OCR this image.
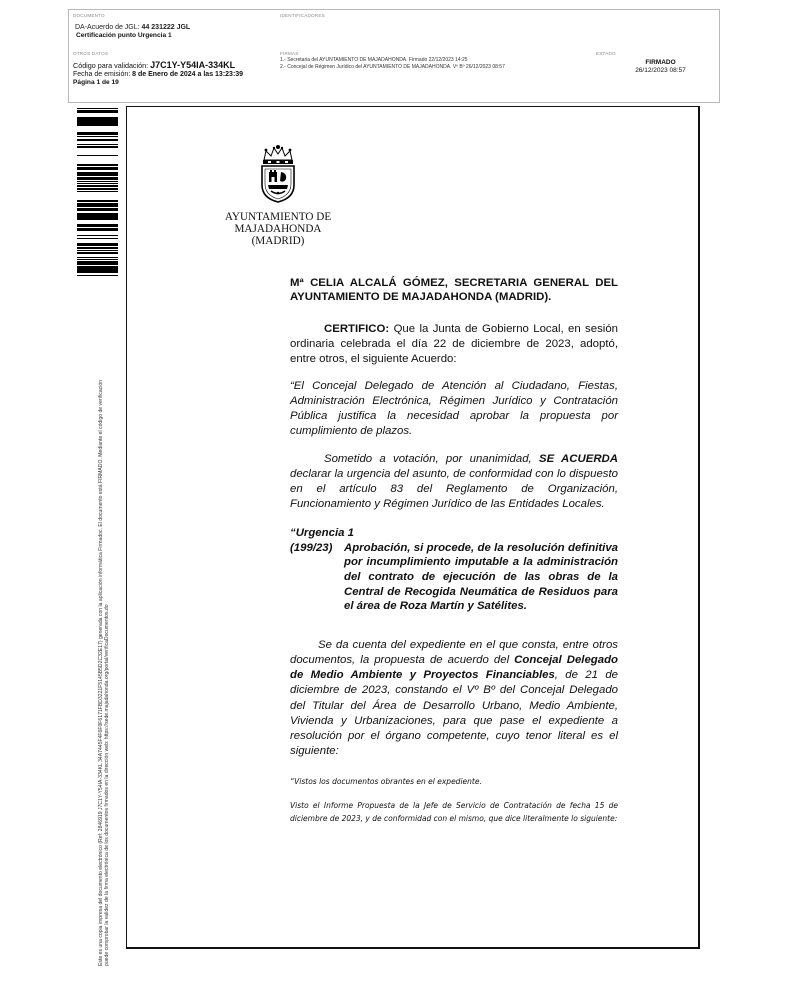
DOCUMENTO
DA-Acuerdo de JGL: 44 231222 JGL
Certificación punto Urgencia 1
IDENTIFICADORES
OTROS DATOS
Código para validación: J7C1Y-Y54IA-334KL
Fecha de emisión: 8 de Enero de 2024 a las 13:23:39
Página 1 de 19
FIRMAS
1.- Secretaria del AYUNTAMIENTO DE MAJADAHONDA. Firmado 22/12/2023 14:25
2.- Concejal de Régimen Jurídico del AYUNTAMIENTO DE MAJADAHONDA. Vº Bº 26/12/2023 08:57
ESTADO
FIRMADO
26/12/2023 08:57
Este es una copia impresa del documento electrónico (Ref: 2846919 J7C1Y-Y54IA-334KL 34A7445F4F6F0F6171FBD3221F5145B5D2C32E17) generada con la aplicación informática Firmadoc. El documento está FIRMADO. Mediante el código de verificación puede comprobar la validez de la firma electrónica de los documentos firmados en la dirección web: https://sede.majadahonda.org/portal/verificaDocumentos.do
AYUNTAMIENTO DE
MAJADAHONDA
(MADRID)
Mª CELIA ALCALÁ GÓMEZ, SECRETARIA GENERAL DEL AYUNTAMIENTO DE MAJADAHONDA (MADRID).

CERTIFICO: Que la Junta de Gobierno Local, en sesión ordinaria celebrada el día 22 de diciembre de 2023, adoptó, entre otros, el siguiente Acuerdo:

“El Concejal Delegado de Atención al Ciudadano, Fiestas, Administración Electrónica, Régimen Jurídico y Contratación Pública justifica la necesidad aprobar la propuesta por cumplimiento de plazos.

Sometido a votación, por unanimidad, SE ACUERDA declarar la urgencia del asunto, de conformidad con lo dispuesto en el artículo 83 del Reglamento de Organización, Funcionamiento y Régimen Jurídico de las Entidades Locales.

“Urgencia 1
(199/23)	Aprobación, si procede, de la resolución definitiva por incumplimiento imputable a la administración del contrato de ejecución de las obras de la Central de Recogida Neumática de Residuos para el área de Roza Martín y Satélites.

Se da cuenta del expediente en el que consta, entre otros documentos, la propuesta de acuerdo del Concejal Delegado de Medio Ambiente y Proyectos Financiables, de 21 de diciembre de 2023, constando el Vº Bº del Concejal Delegado del Titular del Área de Desarrollo Urbano, Medio Ambiente, Vivienda y Urbanizaciones, para que pase el expediente a resolución por el órgano competente, cuyo tenor literal es el siguiente:

“Vistos los documentos obrantes en el expediente.

Visto el Informe Propuesta de la Jefe de Servicio de Contratación de fecha 15 de diciembre de 2023, y de conformidad con el mismo, que dice literalmente lo siguiente:
